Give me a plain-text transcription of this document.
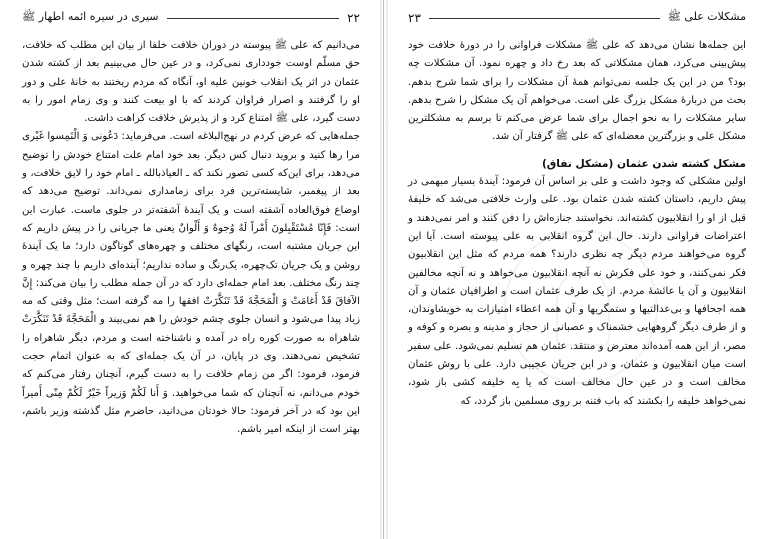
۲۲
سیری در سیره ائمه اطهار ﷺ

می‌دانیم که علی ﷺ پیوسته در دوران خلافت خلفا از بیان این مطلب که خلافت، حق مسلّم اوست خودداری نمی‌کرد، و در عین حال می‌بینیم بعد از کشته شدن عثمان در اثر یک انقلاب خونین علیه او، آنگاه که مردم ریختند به خانهٔ علی و دور او را گرفتند و اصرار فراوان کردند که با او بیعت کنند و وی زمام امور را به دست گیرد، علی ﷺ امتناع کرد و از پذیرش خلافت کراهت داشت.

جمله‌هایی که عرض کردم در نهج‌البلاغه است. می‌فرماید: دَعُونی وَ الْتَمِسوا غَیْری مرا رها کنید و بروید دنبال کس دیگر. بعد خود امام علت امتناع خودش را توضیح می‌دهد، برای این‌که کسی تصور نکند که ـ العیاذبالله ـ امام خود را لایق خلافت، و بعد از پیغمبر، شایسته‌ترین فرد برای زمامداری نمی‌داند. توضیح می‌دهد که اوضاع فوق‌العاده آشفته است و یک آیندهٔ آشفته‌تر در جلوی ماست. عبارت این است: فَإِنّا مُسْتَقْبِلونَ أَمْراً لَهُ وُجوهٌ وَ أَلْوانٌ یعنی ما جریانی را در پیش داریم که این جریان مشتبه است، رنگهای مختلف و چهره‌های گوناگون دارد؛ ما یک آیندهٔ روشن و یک جریان تک‌چهره، یک‌رنگ و ساده نداریم؛ آینده‌ای داریم با چند چهره و چند رنگ مختلف. بعد امام جمله‌ای دارد که در آن جمله مطلب را بیان می‌کند: إِنَّ الآفاقَ قَدْ أَغامَتْ وَ الْمَحَجَّةَ قَدْ تَنَکَّرَتْ افقها را مه گرفته است؛ مثل وقتی که مه زیاد پیدا می‌شود و انسان جلوی چشم خودش را هم نمی‌بیند و الْمَحَجَّةَ قَدْ تَنَکَّرَتْ شاهراه به صورت کوره راه در آمده و ناشناخته است و مردم، دیگر شاهراه را تشخیص نمی‌دهند. وی در پایان، در آن یک جمله‌ای که به عنوان اتمام حجت فرمود، فرمود: اگر من زمام خلافت را به دست گیرم، آنچنان رفتار می‌کنم که خودم می‌دانم، نه آنچنان که شما می‌خواهید. وَ أَنا لَکُمْ وَزیراً خَیْرٌ لَکُمْ مِنّی أَمیراً این بود که در آخر فرمود: حالا خودتان می‌دانید، حاضرم مثل گذشته وزیر باشم، بهتر است از اینکه امیر باشم.

مشکلات علی ﷺ
۲۳

این جمله‌ها نشان می‌دهد که علی ﷺ مشکلات فراوانی را در دورهٔ خلافت خود پیش‌بینی می‌کرد، همان مشکلاتی که بعد رخ داد و چهره نمود. آن مشکلات چه بود؟ من در این یک جلسه نمی‌توانم همهٔ آن مشکلات را برای شما شرح بدهم. بحث من دربارهٔ مشکل بزرگ علی است. می‌خواهم آن یک مشکل را شرح بدهم. سایر مشکلات را به نحو اجمال برای شما عرض می‌کنم تا برسم به مشکلترین مشکل علی و بزرگترین معضله‌ای که علی ﷺ گرفتار آن شد.

مشکل کشته شدن عثمان (مشکل نفاق)

اولین مشکلی که وجود داشت و علی بر اساس آن فرمود: آیندهٔ بسیار مبهمی در پیش داریم، داستان کشته شدن عثمان بود. علی وارث خلافتی می‌شد که خلیفهٔ قبل از او را انقلابیون کشته‌اند. نخواستند جنازه‌اش را دفن کنند و امر نمی‌دهند و اعتراضات فراوانی دارند. حال این گروه انقلابی به علی پیوسته است. آیا این گروه می‌خواهند مردم دیگر چه نظری دارند؟ همه مردم که مثل این انقلابیون فکر نمی‌کنند، و خود علی فکرش نه آنچه انقلابیون می‌خواهد و نه آنچه مخالفین انقلابیون و آن یا عائشهٔ مردم. از یک طرف عثمان است و اطرافیان عثمان و آن همه اجحافها و بی‌عدالتیها و ستمگریها و آن همه اعطاء امتیازات به خویشاوندان، و از طرف دیگر گروههایی خشمناک و عصبانی از حجاز و مدینه و بصره و کوفه و مصر، از این همه آمده‌اند معترض و منتقد. عثمان هم تسلیم نمی‌شود. علی سفیر است میان انقلابیون و عثمان، و در این جریان عجیبی دارد. علی با روش عثمان مخالف است و در عین حال مخالف است که یا بِه خلیفه کشی باز شود، نمی‌خواهد خلیفه را بکشند که باب فتنه بر روی مسلمین باز گردد، که
